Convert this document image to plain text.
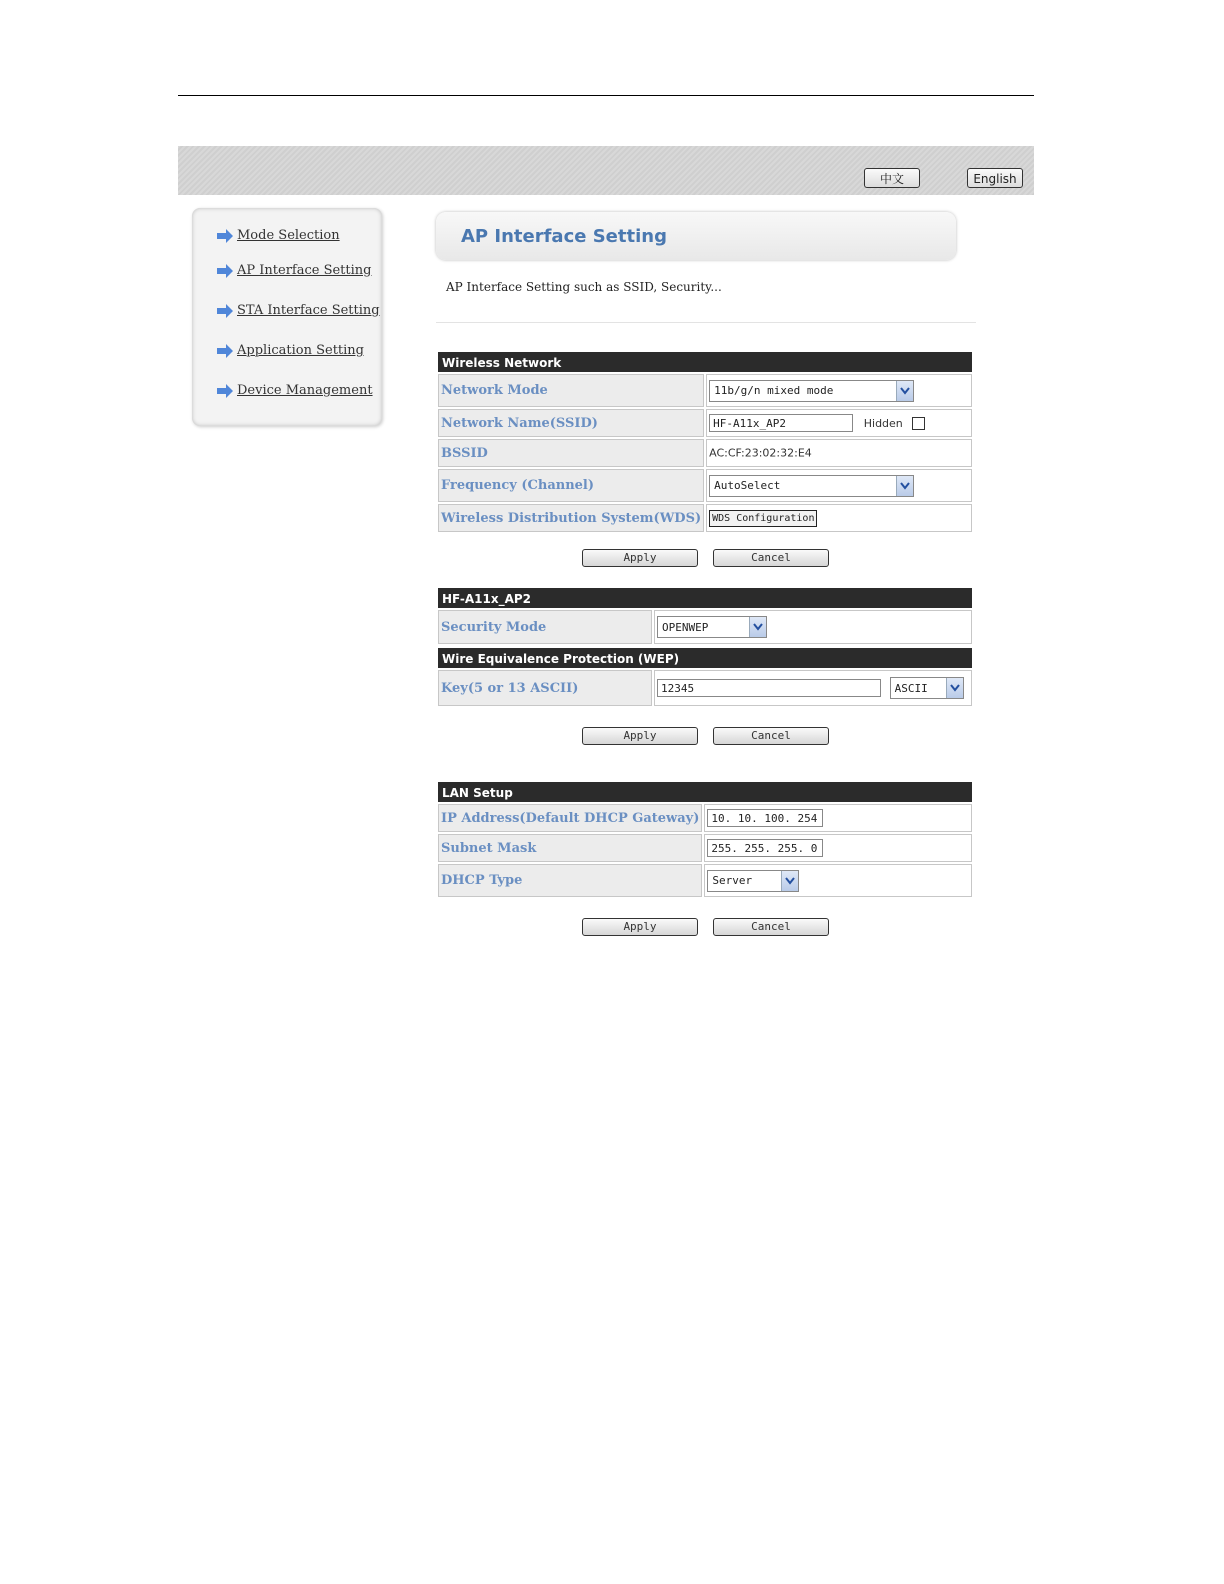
中文	English
Mode Selection
AP Interface Setting
STA Interface Setting
Application Setting
Device Management
AP Interface Setting
AP Interface Setting such as SSID, Security...
Wireless Network
Network Mode	11b/g/n mixed mode

Network Name(SSID)	HF-A11x_AP2 Hidden
BSSID	AC:CF:23:02:32:E4
Frequency (Channel)	AutoSelect

Wireless Distribution System(WDS)	WDS Configuration
Apply	Cancel
HF-A11x_AP2
Security Mode	OPENWEP
Wire Equivalence Protection (WEP)
Key(5 or 13 ASCII)	12345	ASCII
Apply	Cancel
LAN Setup
IP Address(Default DHCP Gateway)	10. 10. 100. 254
Subnet Mask	255. 255. 255. 0
DHCP Type	Server
Apply	Cancel
